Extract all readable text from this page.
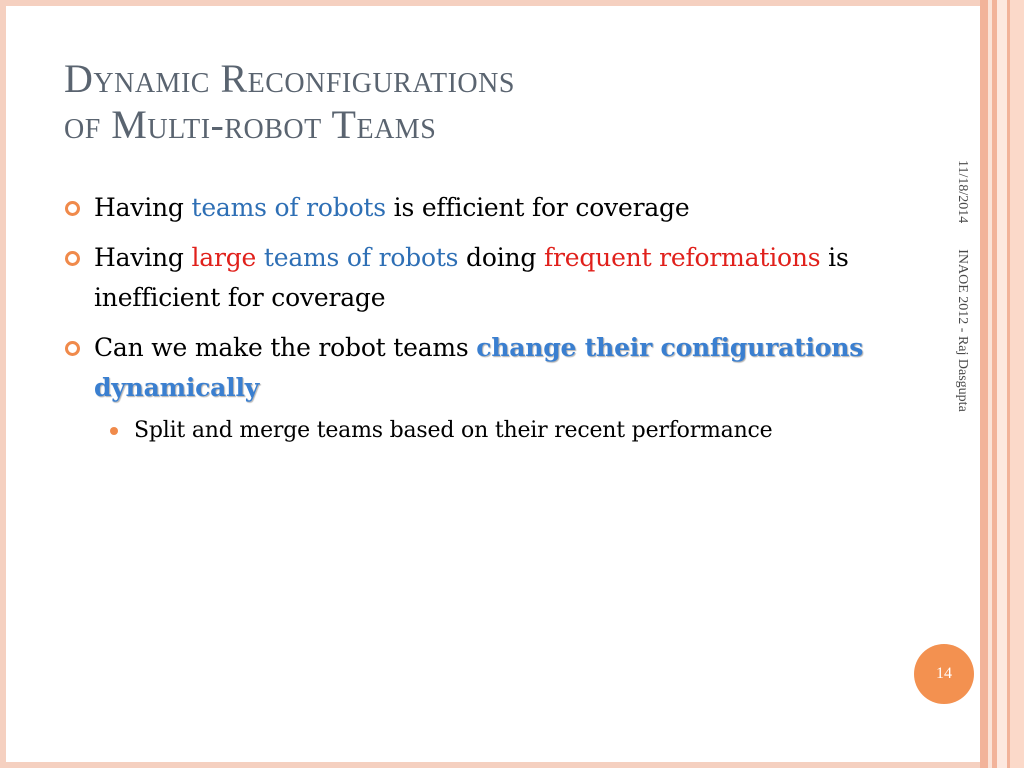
Dynamic Reconfigurations
of Multi-robot Teams
11/18/2014INAOE 2012 - Raj Dasgupta
Having teams of robots is efficient for coverage
Having large teams of robots doing frequent reformations is inefficient for coverage
Can we make the robot teams change their configurations dynamically
Split and merge teams based on their recent performance
14
